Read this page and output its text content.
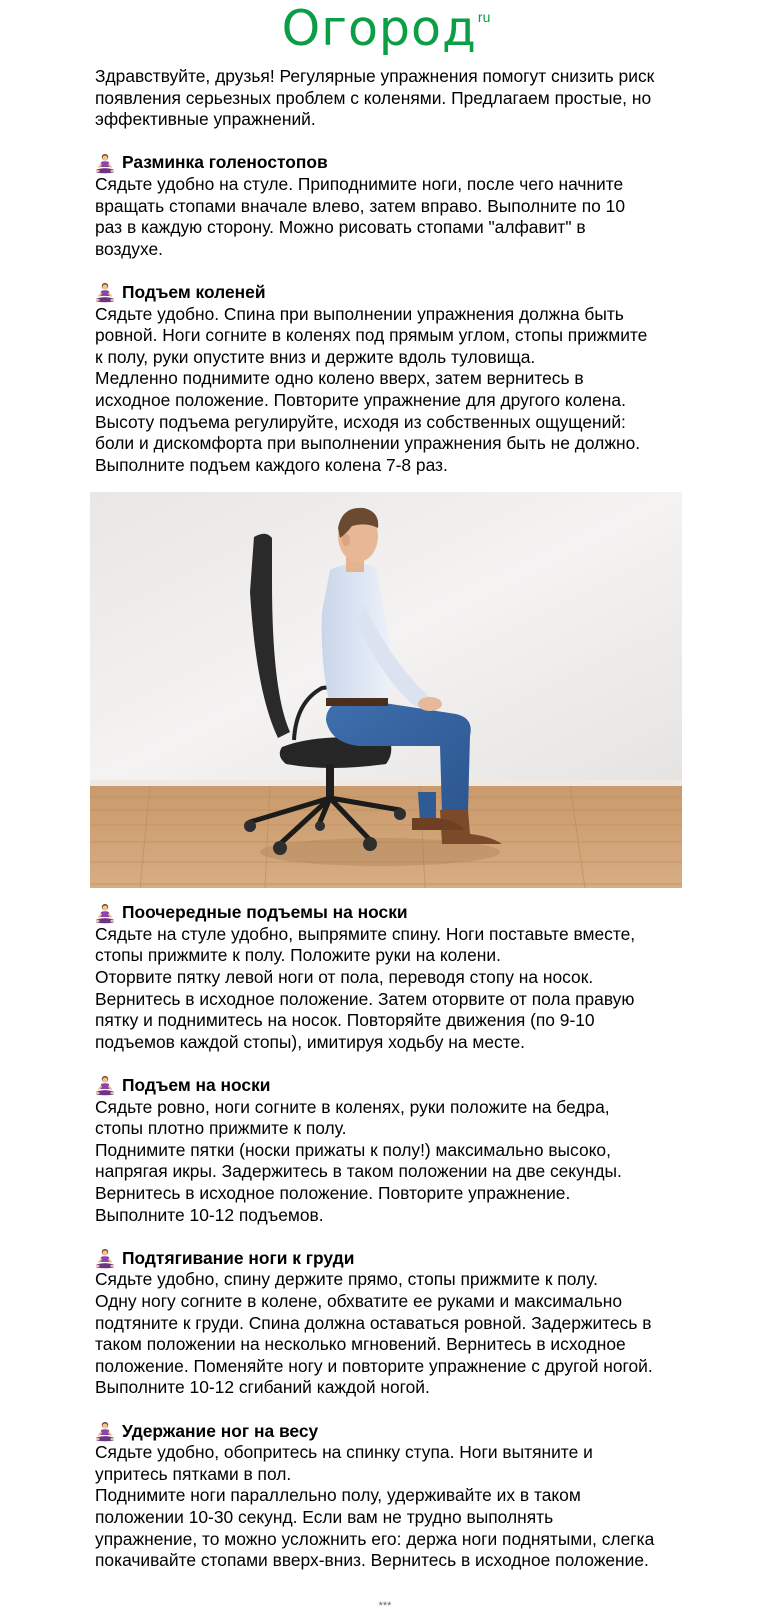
Огород ru

Здравствуйте, друзья! Регулярные упражнения помогут снизить риск

появления серьезных проблем с коленями. Предлагаем простые, но

эффективные упражнений.

Разминка голеностопов

Сядьте удобно на стуле. Приподнимите ноги, после чего начните

вращать стопами вначале влево, затем вправо. Выполните по 10

раз в каждую сторону. Можно рисовать стопами "алфавит" в

воздухе.

Подъем коленей

Сядьте удобно. Спина при выполнении упражнения должна быть

ровной. Ноги согните в коленях под прямым углом, стопы прижмите

к полу, руки опустите вниз и держите вдоль туловища.

Медленно поднимите одно колено вверх, затем вернитесь в

исходное положение. Повторите упражнение для другого колена.

Высоту подъема регулируйте, исходя из собственных ощущений:

боли и дискомфорта при выполнении упражнения быть не должно.

Выполните подъем каждого колена 7-8 раз.

Поочередные подъемы на носки

Сядьте на стуле удобно, выпрямите спину. Ноги поставьте вместе,

стопы прижмите к полу. Положите руки на колени.

Оторвите пятку левой ноги от пола, переводя стопу на носок.

Вернитесь в исходное положение. Затем оторвите от пола правую

пятку и поднимитесь на носок. Повторяйте движения (по 9-10

подъемов каждой стопы), имитируя ходьбу на месте.

Подъем на носки

Сядьте ровно, ноги согните в коленях, руки положите на бедра,

стопы плотно прижмите к полу.

Поднимите пятки (носки прижаты к полу!) максимально высоко,

напрягая икры. Задержитесь в таком положении на две секунды.

Вернитесь в исходное положение. Повторите упражнение.

Выполните 10-12 подъемов.

Подтягивание ноги к груди

Сядьте удобно, спину держите прямо, стопы прижмите к полу.

Одну ногу согните в колене, обхватите ее руками и максимально

подтяните к груди. Спина должна оставаться ровной. Задержитесь в

таком положении на несколько мгновений. Вернитесь в исходное

положение. Поменяйте ногу и повторите упражнение с другой ногой.

Выполните 10-12 сгибаний каждой ногой.

Удержание ног на весу

Сядьте удобно, обопритесь на спинку ступа. Ноги вытяните и

упритесь пятками в пол.

Поднимите ноги параллельно полу, удерживайте их в таком

положении 10-30 секунд. Если вам не трудно выполнять

упражнение, то можно усложнить его: держа ноги поднятыми, слегка

покачивайте стопами вверх-вниз. Вернитесь в исходное положение.

***
